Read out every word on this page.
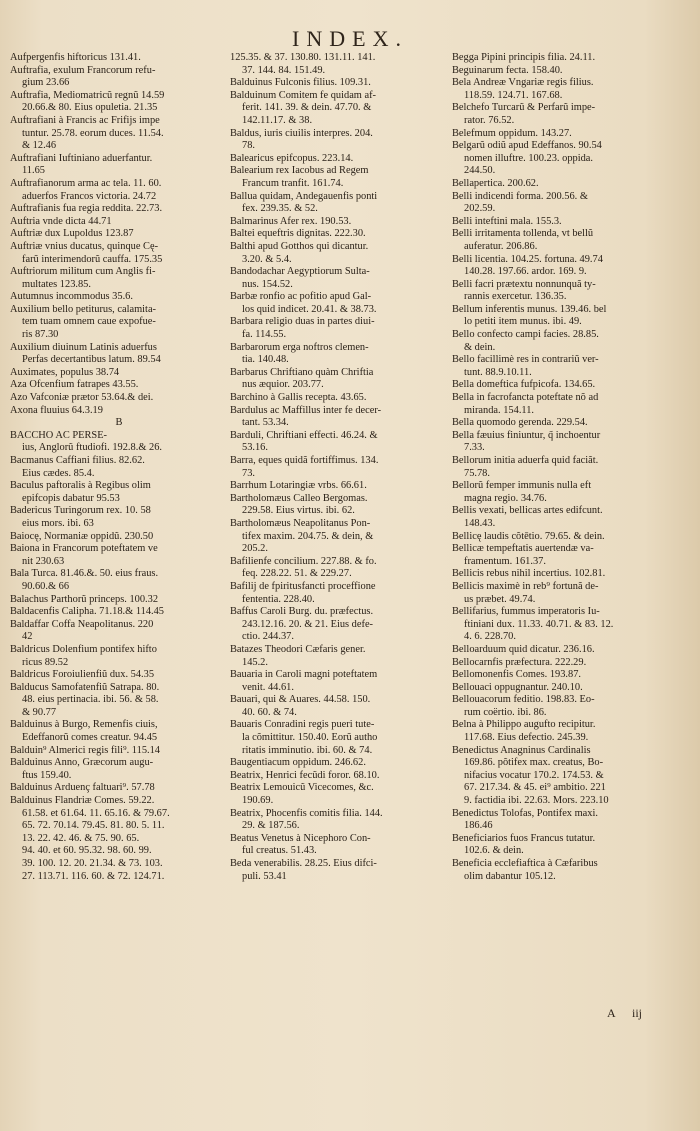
INDEX.

Aufpergenfis hiftoricus 131.41.

Auftrafia, exulum Francorum refu-
gium 23.66

Auftrafia, Mediomatricũ regnũ 14.59
20.66.& 80. Eius opuletia. 21.35

Auftrafiani à Francis ac Frifijs impe
tuntur. 25.78. eorum duces. 11.54.
& 12.46

Auftrafiani Iuftiniano aduerfantur.
11.65

Auftrafianorum arma ac tela. 11. 60.
aduerfos Francos victoria. 24.72

Auftrafianis fua regia reddita. 22.73.

Auftria vnde dicta 44.71

Auftriæ dux Lupoldus 123.87

Auftriæ vnius ducatus, quinque Cę-
farũ interimendorũ cauffa. 175.35

Auftriorum militum cum Anglis fi-
multates 123.85.

Autumnus incommodus 35.6.

Auxilium bello petiturus, calamita-
tem tuam omnem caue expofue-
ris 87.30

Auxilium diuinum Latinis aduerfus
Perfas decertantibus latum. 89.54

Auximates, populus 38.74

Aza Ofcenfium fatrapes 43.55.

Azo Vafconiæ prætor 53.64.& dei.

Axona fluuius 64.3.19

B

BACCHO AC PERSE-
ius, Anglorũ ftudiofi. 192.8.& 26.

Bacmanus Caffiani filius. 82.62.
Eius cædes. 85.4.

Baculus paftoralis à Regibus olim
epifcopis dabatur 95.53

Badericus Turingorum rex. 10. 58
eius mors. ibi. 63

Baiocę, Normaniæ oppidũ. 230.50

Baiona in Francorum poteftatem ve
nit 230.63

Bala Turca. 81.46.&. 50. eius fraus.
90.60.& 66

Balachus Parthorũ princeps. 100.32

Baldacenfis Calipha. 71.18.& 114.45

Baldaffar Coffa Neapolitanus. 220
42

Baldricus Dolenfium pontifex hifto
ricus 89.52

Baldricus Foroiulienfiũ dux. 54.35

Balducus Samofatenfiũ Satrapa. 80.
48. eius pertinacia. ibi. 56. & 58.
& 90.77

Balduinus à Burgo, Remenfis ciuis,
Edeffanorũ comes creatur. 94.45

Balduin⁹ Almerici regis fili⁹. 115.14

Balduinus Anno, Græcorum augu-
ftus 159.40.

Balduinus Arduenç faltuari⁹. 57.78

Balduinus Flandriæ Comes. 59.22.
61.58. et 61.64. 11. 65.16. & 79.67.
65. 72. 70.14. 79.45. 81. 80. 5. 11.
13. 22. 42. 46. & 75. 90. 65.
94. 40. et 60. 95.32. 98. 60. 99.
39. 100. 12. 20. 21.34. & 73. 103.
27. 113.71. 116. 60. & 72. 124.71.

125.35. & 37. 130.80. 131.11. 141.
37. 144. 84. 151.49.

Balduinus Fulconis filius. 109.31.

Balduinum Comitem fe quidam af-
ferit. 141. 39. & dein. 47.70. &
142.11.17. & 38.

Baldus, iuris ciuilis interpres. 204.
78.

Balearicus epifcopus. 223.14.

Balearium rex Iacobus ad Regem
Francum tranfit. 161.74.

Ballua quidam, Andegauenfis ponti
fex. 239.35. & 52.

Balmarinus Afer rex. 190.53.

Baltei equeftris dignitas. 222.30.

Balthi apud Gotthos qui dicantur.
3.20. & 5.4.

Bandodachar Aegyptiorum Sulta-
nus. 154.52.

Barbæ ronfio ac pofitio apud Gal-
los quid indicet. 20.41. & 38.73.

Barbara religio duas in partes diui-
fa. 114.55.

Barbarorum erga noftros clemen-
tia. 140.48.

Barbarus Chriftiano quàm Chriftia
nus æquior. 203.77.

Barchino à Gallis recepta. 43.65.

Bardulus ac Maffillus inter fe decer-
tant. 53.34.

Barduli, Chriftiani effecti. 46.24. &
53.16.

Barra, eques quidã fortiffimus. 134.
73.

Barrhum Lotaringiæ vrbs. 66.61.

Bartholomæus Calleo Bergomas.
229.58. Eius virtus. ibi. 62.

Bartholomæus Neapolitanus Pon-
tifex maxim. 204.75. & dein, &
205.2.

Bafilienfe concilium. 227.88. & fo.
feq. 228.22. 51. & 229.27.

Bafilij de fpiritusfancti proceffione
fententia. 228.40.

Baffus Caroli Burg. du. præfectus.
243.12.16. 20. & 21. Eius defe-
ctio. 244.37.

Batazes Theodori Cæfaris gener.
145.2.

Bauaria in Caroli magni poteftatem
venit. 44.61.

Bauari, qui & Auares. 44.58. 150.
40. 60. & 74.

Bauaris Conradini regis pueri tute-
la cõmittitur. 150.40. Eorũ autho
ritatis imminutio. ibi. 60. & 74.

Baugentiacum oppidum. 246.62.

Beatrix, Henrici fecũdi foror. 68.10.

Beatrix Lemouicũ Vicecomes, &c.
190.69.

Beatrix, Phocenfis comitis filia. 144.
29. & 187.56.

Beatus Venetus à Nicephoro Con-
ful creatus. 51.43.

Beda venerabilis. 28.25. Eius difci-
puli. 53.41

Begga Pipini principis filia. 24.11.

Beguinarum fecta. 158.40.

Bela Andreæ Vngariæ regis filius.
118.59. 124.71. 167.68.

Belchefo Turcarũ & Perfarũ impe-
rator. 76.52.

Belefmum oppidum. 143.27.

Belgarũ odiũ apud Edeffanos. 90.54
nomen illuftre. 100.23. oppida.
244.50.

Bellapertica. 200.62.

Belli indicendi forma. 200.56. &
202.59.

Belli inteftini mala. 155.3.

Belli irritamenta tollenda, vt bellũ
auferatur. 206.86.

Belli licentia. 104.25. fortuna. 49.74
140.28. 197.66. ardor. 169. 9.

Belli facri prætextu nonnunquã ty-
rannis exercetur. 136.35.

Bellum inferentis munus. 139.46. bel
lo petiti item munus. ibi. 49.

Bello confecto campi facies. 28.85.
& dein.

Bello facillimè res in contrariũ ver-
tunt. 88.9.10.11.

Bella domeftica fufpicofa. 134.65.

Bella in facrofancta poteftate nõ ad
miranda. 154.11.

Bella quomodo gerenda. 229.54.

Bella fæuius finiuntur, q̃ inchoentur
7.33.

Bellorum initia aduerfa quid faciãt.
75.78.

Bellorũ femper immunis nulla eft
magna regio. 34.76.

Bellis vexati, bellicas artes edifcunt.
148.43.

Bellicę laudis cõtētio. 79.65. & dein.

Bellicæ tempeftatis auertendæ va-
framentum. 161.37.

Bellicis rebus nihil incertius. 102.81.

Bellicis maximè in reb⁹ fortunã de-
us præbet. 49.74.

Bellifarius, fummus imperatoris Iu-
ftiniani dux. 11.33. 40.71. & 83. 12.
4. 6. 228.70.

Belloarduum quid dicatur. 236.16.

Bellocarnfis præfectura. 222.29.

Bellomonenfis Comes. 193.87.

Bellouaci oppugnantur. 240.10.

Bellouacorum feditio. 198.83. Eo-
rum coërtio. ibi. 86.

Belna à Philippo augufto recipitur.
117.68. Eius defectio. 245.39.

Benedictus Anagninus Cardinalis
169.86. põtifex max. creatus, Bo-
nifacius vocatur 170.2. 174.53. &
67. 217.34. & 45. ei⁹ ambitio. 221
9. factidia ibi. 22.63. Mors. 223.10

Benedictus Tolofas, Pontifex maxi.
186.46

Beneficiarios fuos Francus tutatur.
102.6. & dein.

Beneficia ecclefiaftica à Cæfaribus
olim dabantur 105.12.

A iij
